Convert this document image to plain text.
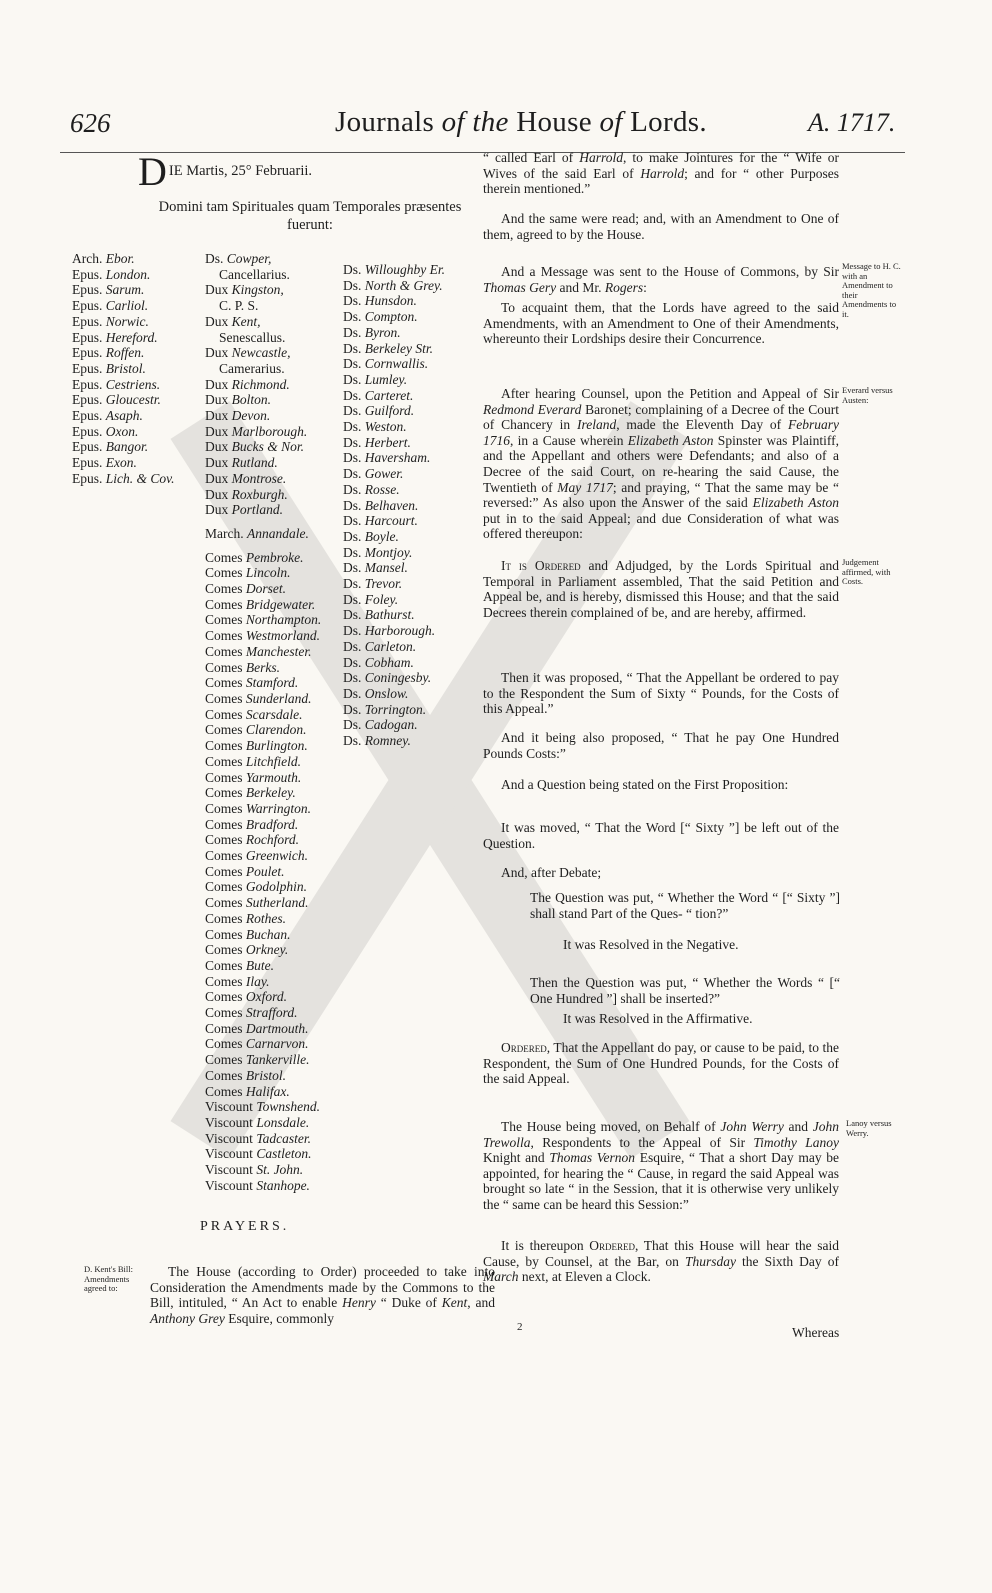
626	Journals of the House of Lords.	A. 1717.
DIE Martis, 25° Februarii.
Domini tam Spirituales quam Temporales præsentes fuerunt:
Arch. Ebor.
Epus. London.
Epus. Sarum.
Epus. Carliol.
Epus. Norwic.
Epus. Hereford.
Epus. Roffen.
Epus. Bristol.
Epus. Cestriens.
Epus. Gloucestr.
Epus. Asaph.
Epus. Oxon.
Epus. Bangor.
Epus. Exon.
Epus. Lich. & Cov.
Ds. Cowper,
Cancellarius.
Dux Kingston,
C. P. S.
Dux Kent,
Senescallus.
Dux Newcastle,
Camerarius.
Dux Richmond.
Dux Bolton.
Dux Devon.
Dux Marlborough.
Dux Bucks & Nor.
Dux Rutland.
Dux Montrose.
Dux Roxburgh.
Dux Portland.
March. Annandale.
Comes Pembroke.
Comes Lincoln.
Comes Dorset.
Comes Bridgewater.
Comes Northampton.
Comes Westmorland.
Comes Manchester.
Comes Berks.
Comes Stamford.
Comes Sunderland.
Comes Scarsdale.
Comes Clarendon.
Comes Burlington.
Comes Litchfield.
Comes Yarmouth.
Comes Berkeley.
Comes Warrington.
Comes Bradford.
Comes Rochford.
Comes Greenwich.
Comes Poulet.
Comes Godolphin.
Comes Sutherland.
Comes Rothes.
Comes Buchan.
Comes Orkney.
Comes Bute.
Comes Ilay.
Comes Oxford.
Comes Strafford.
Comes Dartmouth.
Comes Carnarvon.
Comes Tankerville.
Comes Bristol.
Comes Halifax.
Viscount Townshend.
Viscount Lonsdale.
Viscount Tadcaster.
Viscount Castleton.
Viscount St. John.
Viscount Stanhope.
Ds. Willoughby Er.
Ds. North & Grey.
Ds. Hunsdon.
Ds. Compton.
Ds. Byron.
Ds. Berkeley Str.
Ds. Cornwallis.
Ds. Lumley.
Ds. Carteret.
Ds. Guilford.
Ds. Weston.
Ds. Herbert.
Ds. Haversham.
Ds. Gower.
Ds. Rosse.
Ds. Belhaven.
Ds. Harcourt.
Ds. Boyle.
Ds. Montjoy.
Ds. Mansel.
Ds. Trevor.
Ds. Foley.
Ds. Bathurst.
Ds. Harborough.
Ds. Carleton.
Ds. Cobham.
Ds. Coningesby.
Ds. Onslow.
Ds. Torrington.
Ds. Cadogan.
Ds. Romney.
PRAYERS.
D. Kent's Bill: Amendments agreed to:
The House (according to Order) proceeded to take into Consideration the Amendments made by the Commons to the Bill, intituled, “ An Act to enable Henry “ Duke of Kent, and Anthony Grey Esquire, commonly
“ called Earl of Harrold, to make Jointures for the “ Wife or Wives of the said Earl of Harrold; and for “ other Purposes therein mentioned.”
And the same were read; and, with an Amendment to One of them, agreed to by the House.
Message to H. C. with an Amendment to their Amendments to it.
And a Message was sent to the House of Commons, by Sir Thomas Gery and Mr. Rogers:
To acquaint them, that the Lords have agreed to the said Amendments, with an Amendment to One of their Amendments, whereunto their Lordships desire their Concurrence.
Everard versus Austen:
After hearing Counsel, upon the Petition and Appeal of Sir Redmond Everard Baronet; complaining of a Decree of the Court of Chancery in Ireland, made the Eleventh Day of February 1716, in a Cause wherein Elizabeth Aston Spinster was Plaintiff, and the Appellant and others were Defendants; and also of a Decree of the said Court, on re-hearing the said Cause, the Twentieth of May 1717; and praying, “ That the same may be “ reversed:” As also upon the Answer of the said Elizabeth Aston put in to the said Appeal; and due Consideration of what was offered thereupon:
Judgement affirmed, with Costs.
It is Ordered and Adjudged, by the Lords Spiritual and Temporal in Parliament assembled, That the said Petition and Appeal be, and is hereby, dismissed this House; and that the said Decrees therein complained of be, and are hereby, affirmed.
Then it was proposed, “ That the Appellant be ordered to pay to the Respondent the Sum of Sixty “ Pounds, for the Costs of this Appeal.”
And it being also proposed, “ That he pay One Hundred Pounds Costs:”
And a Question being stated on the First Proposition:
It was moved, “ That the Word [“ Sixty ”] be left out of the Question.
And, after Debate;
The Question was put, “ Whether the Word “ [“ Sixty ”] shall stand Part of the Ques- “ tion?”
It was Resolved in the Negative.
Then the Question was put, “ Whether the Words “ [“ One Hundred ”] shall be inserted?”
It was Resolved in the Affirmative.
Ordered, That the Appellant do pay, or cause to be paid, to the Respondent, the Sum of One Hundred Pounds, for the Costs of the said Appeal.
Lanoy versus Werry.
The House being moved, on Behalf of John Werry and John Trewolla, Respondents to the Appeal of Sir Timothy Lanoy Knight and Thomas Vernon Esquire, “ That a short Day may be appointed, for hearing the “ Cause, in regard the said Appeal was brought so late “ in the Session, that it is otherwise very unlikely the “ same can be heard this Session:”
It is thereupon Ordered, That this House will hear the said Cause, by Counsel, at the Bar, on Thursday the Sixth Day of March next, at Eleven a Clock.
2	Whereas
